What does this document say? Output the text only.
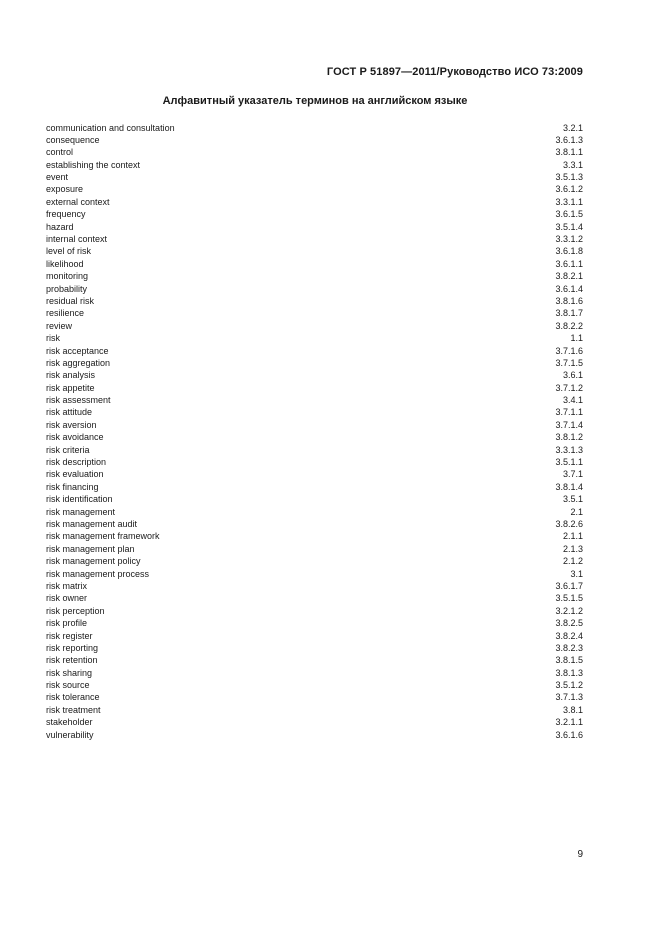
ГОСТ Р 51897—2011/Руководство ИСО 73:2009
Алфавитный указатель терминов на английском языке
communication and consultation	3.2.1
consequence	3.6.1.3
control	3.8.1.1
establishing the context	3.3.1
event	3.5.1.3
exposure	3.6.1.2
external context	3.3.1.1
frequency	3.6.1.5
hazard	3.5.1.4
internal context	3.3.1.2
level of risk	3.6.1.8
likelihood	3.6.1.1
monitoring	3.8.2.1
probability	3.6.1.4
residual risk	3.8.1.6
resilience	3.8.1.7
review	3.8.2.2
risk	1.1
risk acceptance	3.7.1.6
risk aggregation	3.7.1.5
risk analysis	3.6.1
risk appetite	3.7.1.2
risk assessment	3.4.1
risk attitude	3.7.1.1
risk aversion	3.7.1.4
risk avoidance	3.8.1.2
risk criteria	3.3.1.3
risk description	3.5.1.1
risk evaluation	3.7.1
risk financing	3.8.1.4
risk identification	3.5.1
risk management	2.1
risk management audit	3.8.2.6
risk management framework	2.1.1
risk management plan	2.1.3
risk management policy	2.1.2
risk management process	3.1
risk matrix	3.6.1.7
risk owner	3.5.1.5
risk perception	3.2.1.2
risk profile	3.8.2.5
risk register	3.8.2.4
risk reporting	3.8.2.3
risk retention	3.8.1.5
risk sharing	3.8.1.3
risk source	3.5.1.2
risk tolerance	3.7.1.3
risk treatment	3.8.1
stakeholder	3.2.1.1
vulnerability	3.6.1.6
9
